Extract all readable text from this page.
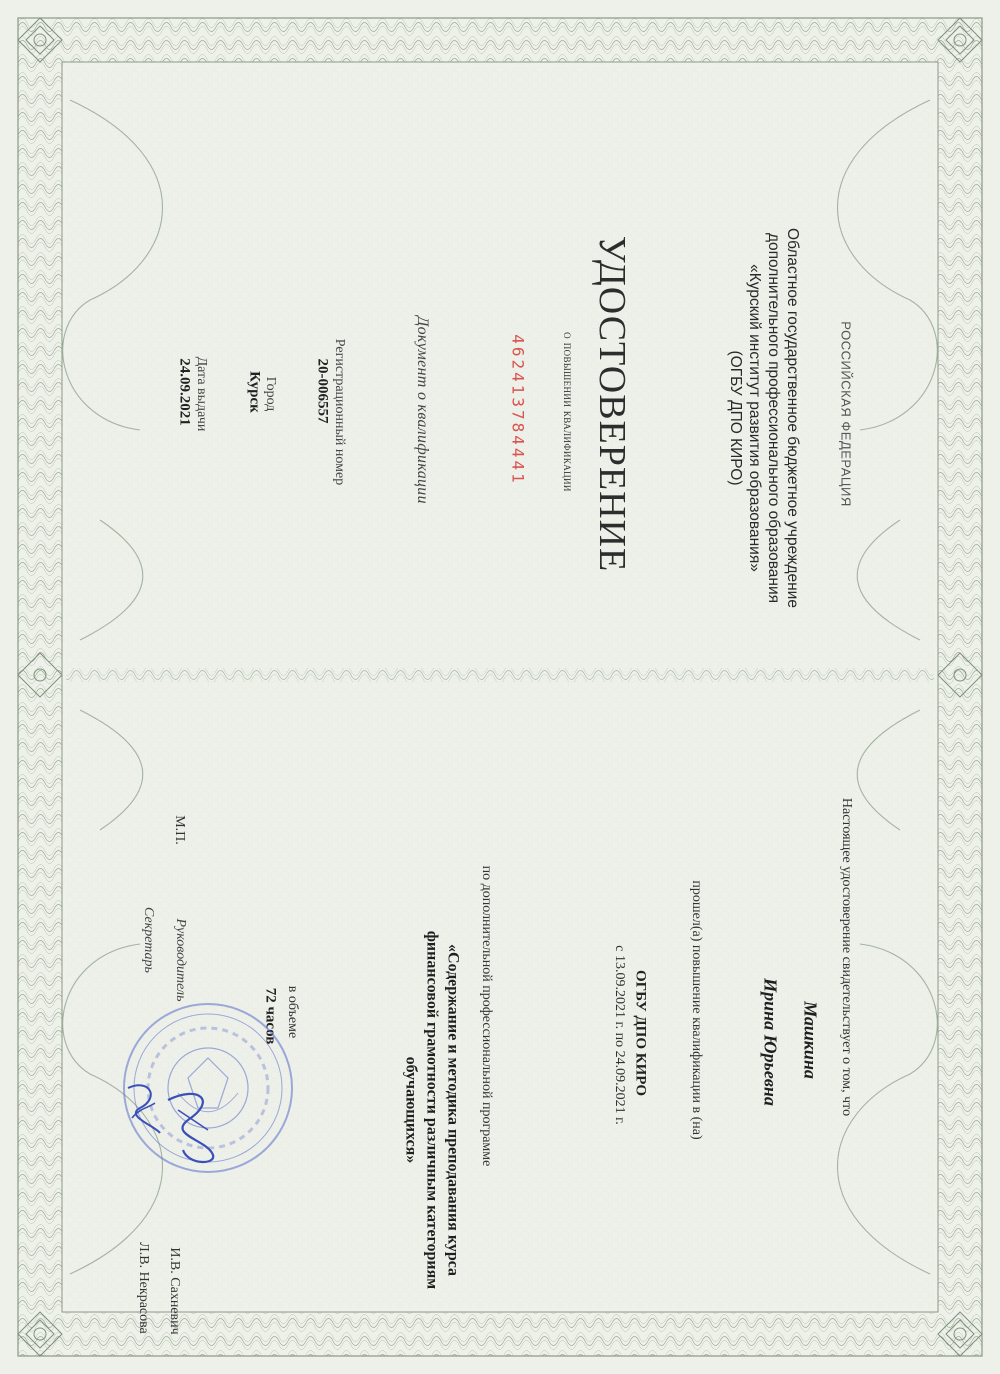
РОССИЙСКАЯ ФЕДЕРАЦИЯ
Областное государственное бюджетное учреждение
дополнительного профессионального образования
«Курский институт развития образования»
(ОГБУ ДПО КИРО)
УДОСТОВЕРЕНИЕ
о повышении квалификации
462413784441
Документ о квалификации
Регистрационный номер
20-006557
Город
Курск
Дата выдачи
24.09.2021
Настоящее удостоверение свидетельствует о том, что
Машкина
Ирина Юрьевна
прошел(а) повышение квалификации в (на)
ОГБУ ДПО КИРО
с 13.09.2021 г. по 24.09.2021 г.
по дополнительной профессиональной программе
«Содержание и методика преподавания курса
финансовой грамотности различным категориям
обучающихся»
в объеме
72 часов
М.П.
Руководитель
И.В. Сахневич
Секретарь
Л.В. Некрасова
